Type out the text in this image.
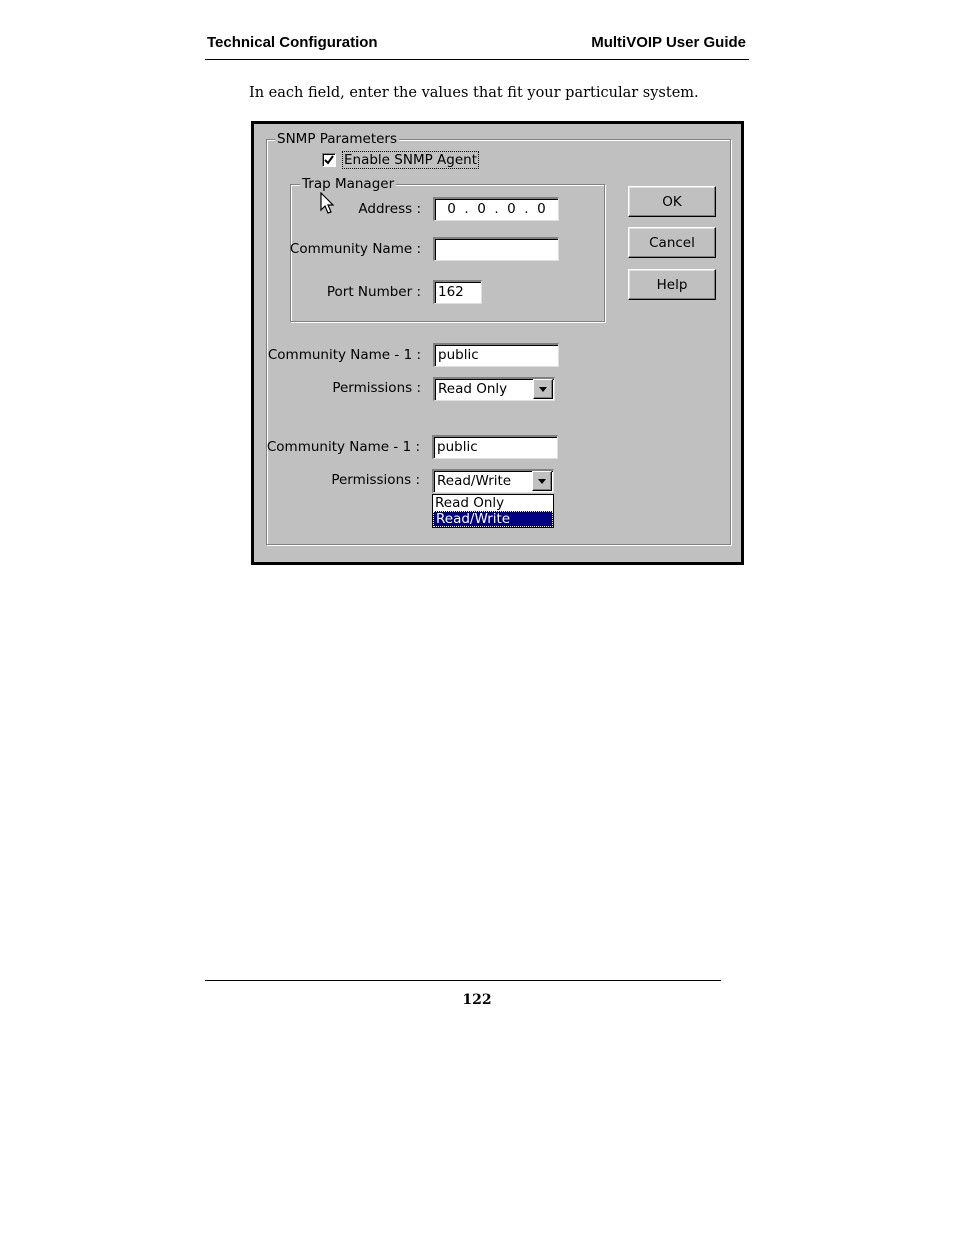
Technical Configuration	MultiVOIP User Guide
In each field, enter the values that fit your particular system.
SNMP Parameters
Enable SNMP Agent
Trap Manager
Address : 0 . 0 . 0 . 0
Community Name :
Port Number :	162
Community Name - 1 :	public
Permissions :	Read Only
Community Name - 1 :	public
Permissions :	Read/Write
Read Only
Read/Write
OK
Cancel
Help
122
